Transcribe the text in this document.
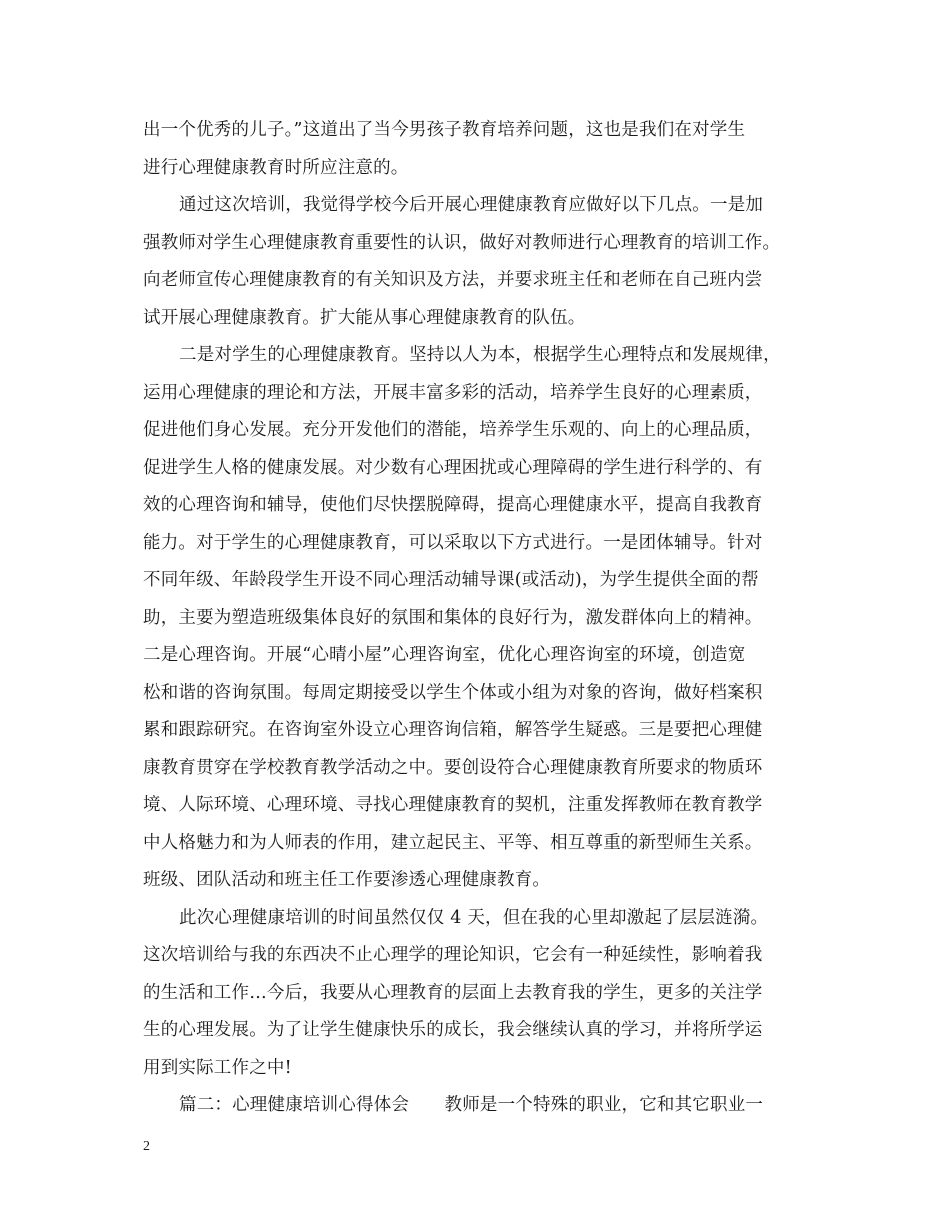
出一个优秀的儿子。”这道出了当今男孩子教育培养问题，这也是我们在对学生
进行心理健康教育时所应注意的。
通过这次培训，我觉得学校今后开展心理健康教育应做好以下几点。一是加
强教师对学生心理健康教育重要性的认识，做好对教师进行心理教育的培训工作。
向老师宣传心理健康教育的有关知识及方法，并要求班主任和老师在自己班内尝
试开展心理健康教育。扩大能从事心理健康教育的队伍。
二是对学生的心理健康教育。坚持以人为本，根据学生心理特点和发展规律，
运用心理健康的理论和方法，开展丰富多彩的活动，培养学生良好的心理素质，
促进他们身心发展。充分开发他们的潜能，培养学生乐观的、向上的心理品质，
促进学生人格的健康发展。对少数有心理困扰或心理障碍的学生进行科学的、有
效的心理咨询和辅导，使他们尽快摆脱障碍，提高心理健康水平，提高自我教育
能力。对于学生的心理健康教育，可以采取以下方式进行。一是团体辅导。针对
不同年级、年龄段学生开设不同心理活动辅导课(或活动)，为学生提供全面的帮
助，主要为塑造班级集体良好的氛围和集体的良好行为，激发群体向上的精神。
二是心理咨询。开展“心晴小屋”心理咨询室，优化心理咨询室的环境，创造宽
松和谐的咨询氛围。每周定期接受以学生个体或小组为对象的咨询，做好档案积
累和跟踪研究。在咨询室外设立心理咨询信箱，解答学生疑惑。三是要把心理健
康教育贯穿在学校教育教学活动之中。要创设符合心理健康教育所要求的物质环
境、人际环境、心理环境、寻找心理健康教育的契机，注重发挥教师在教育教学
中人格魅力和为人师表的作用，建立起民主、平等、相互尊重的新型师生关系。
班级、团队活动和班主任工作要渗透心理健康教育。
此次心理健康培训的时间虽然仅仅 4 天，但在我的心里却激起了层层涟漪。
这次培训给与我的东西决不止心理学的理论知识，它会有一种延续性，影响着我
的生活和工作…今后，我要从心理教育的层面上去教育我的学生，更多的关注学
生的心理发展。为了让学生健康快乐的成长，我会继续认真的学习，并将所学运
用到实际工作之中!
篇二：心理健康培训心得体会　　教师是一个特殊的职业，它和其它职业一
2
